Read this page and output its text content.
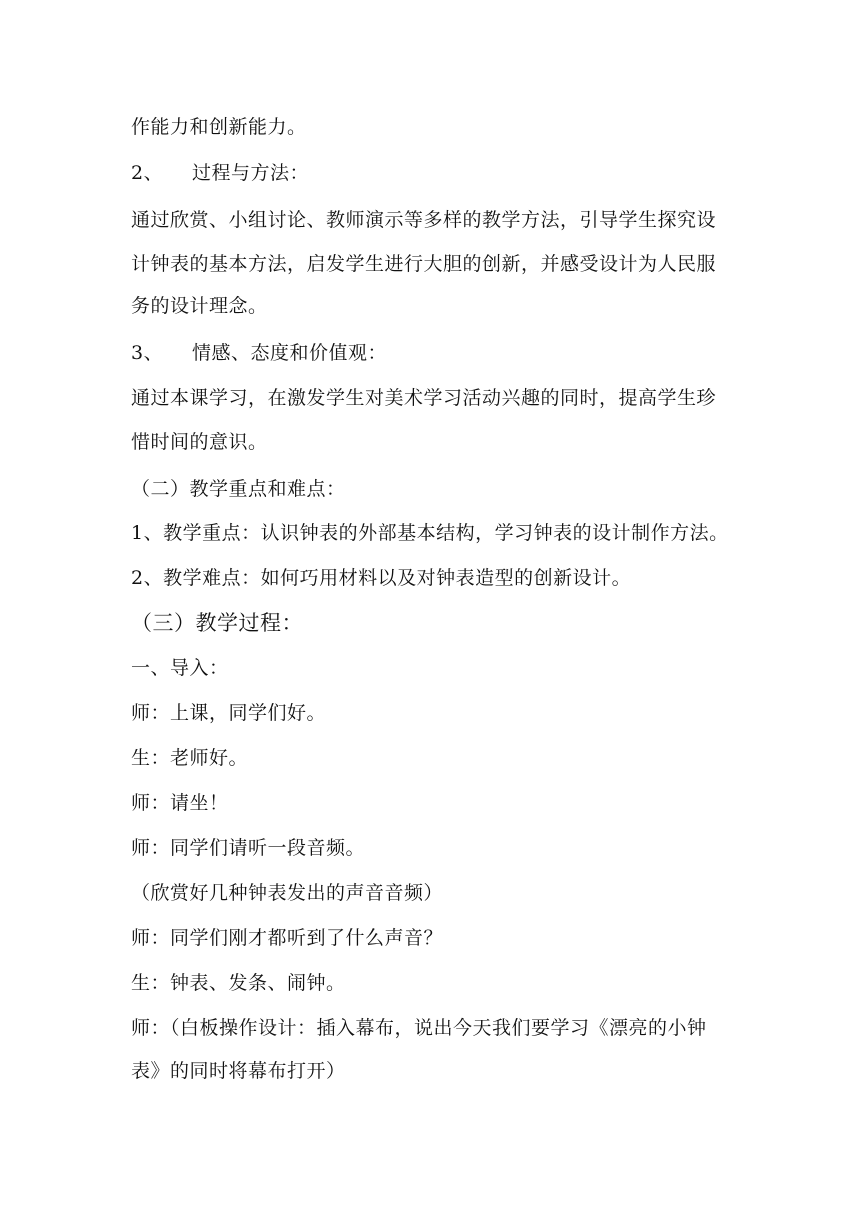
作能力和创新能力。
2、 过程与方法：
通过欣赏、小组讨论、教师演示等多样的教学方法，引导学生探究设
计钟表的基本方法，启发学生进行大胆的创新，并感受设计为人民服
务的设计理念。
3、 情感、态度和价值观：
通过本课学习，在激发学生对美术学习活动兴趣的同时，提高学生珍
惜时间的意识。
（二）教学重点和难点：
1、教学重点：认识钟表的外部基本结构，学习钟表的设计制作方法。
2、教学难点：如何巧用材料以及对钟表造型的创新设计。
（三）教学过程：
一、导入：
师：上课，同学们好。
生：老师好。
师：请坐！
师：同学们请听一段音频。
（欣赏好几种钟表发出的声音音频）
师：同学们刚才都听到了什么声音？
生：钟表、发条、闹钟。
师：（白板操作设计：插入幕布，说出今天我们要学习《漂亮的小钟
表》的同时将幕布打开）
